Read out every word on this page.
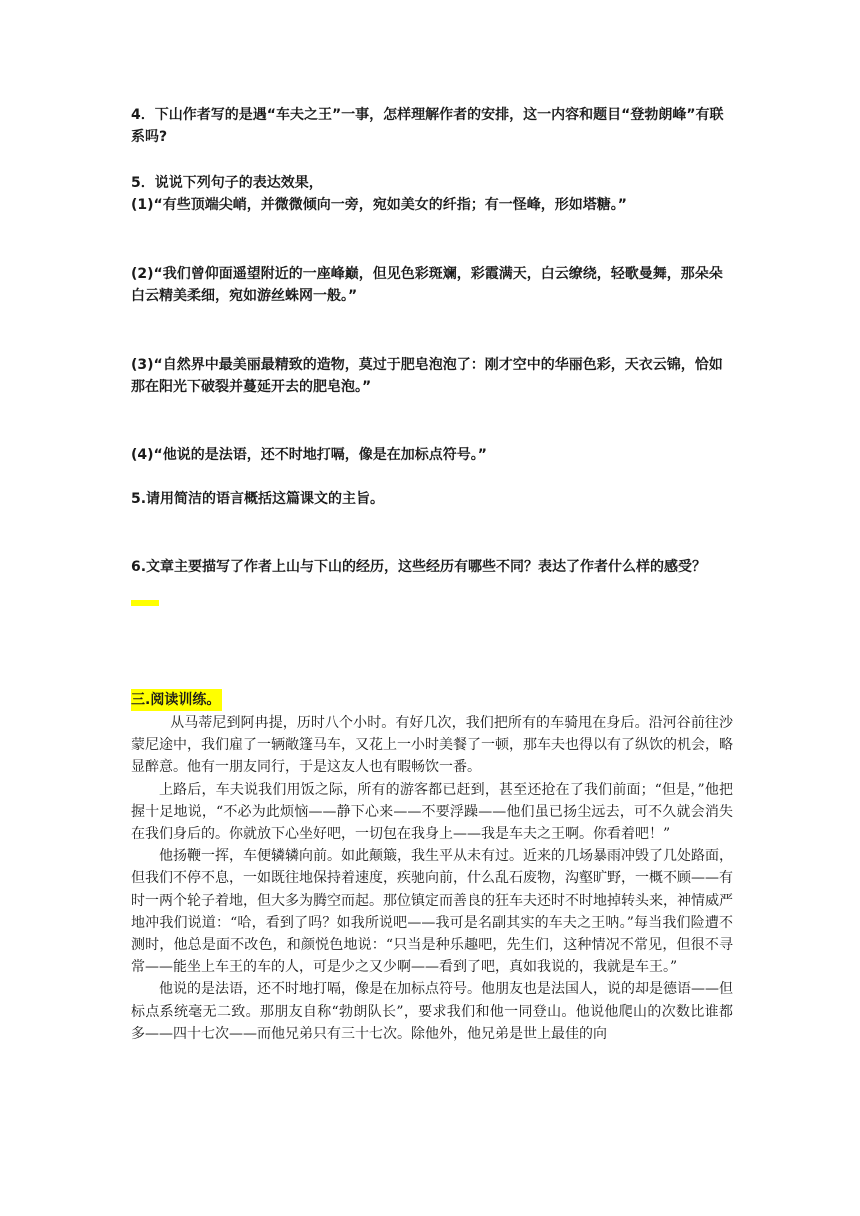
4．下山作者写的是遇“车夫之王”一事，怎样理解作者的安排，这一内容和题目“登勃朗峰”有联系吗?

5．说说下列句子的表达效果，

(1)“有些顶端尖峭，并微微倾向一旁，宛如美女的纤指；有一怪峰，形如塔糖。”

(2)“我们曾仰面遥望附近的一座峰巅，但见色彩斑斓，彩霞满天，白云缭绕，轻歌曼舞，那朵朵白云精美柔细，宛如游丝蛛网一般。”

(3)“自然界中最美丽最精致的造物，莫过于肥皂泡泡了：刚才空中的华丽色彩，天衣云锦，恰如那在阳光下破裂并蔓延开去的肥皂泡。”

(4)“他说的是法语，还不时地打嗝，像是在加标点符号。”

5.请用简洁的语言概括这篇课文的主旨。

6.文章主要描写了作者上山与下山的经历，这些经历有哪些不同？表达了作者什么样的感受？

三.阅读训练。

从马蒂尼到阿冉提，历时八个小时。有好几次，我们把所有的车骑甩在身后。沿河谷前往沙蒙尼途中，我们雇了一辆敞篷马车，又花上一小时美餐了一顿，那车夫也得以有了纵饮的机会，略显醉意。他有一朋友同行，于是这友人也有暇畅饮一番。

上路后，车夫说我们用饭之际，所有的游客都已赶到，甚至还抢在了我们前面；“但是，”他把握十足地说，“不必为此烦恼——静下心来——不要浮躁——他们虽已扬尘远去，可不久就会消失在我们身后的。你就放下心坐好吧，一切包在我身上——我是车夫之王啊。你看着吧！”

他扬鞭一挥，车便辚辚向前。如此颠簸，我生平从未有过。近来的几场暴雨冲毁了几处路面，但我们不停不息，一如既往地保持着速度，疾驰向前，什么乱石废物，沟壑旷野，一概不顾——有时一两个轮子着地，但大多为腾空而起。那位镇定而善良的狂车夫还时不时地掉转头来，神情威严地冲我们说道：“哈，看到了吗？如我所说吧——我可是名副其实的车夫之王呐。”每当我们险遭不测时，他总是面不改色，和颜悦色地说：“只当是种乐趣吧，先生们，这种情况不常见，但很不寻常——能坐上车王的车的人，可是少之又少啊——看到了吧，真如我说的，我就是车王。”

他说的是法语，还不时地打嗝，像是在加标点符号。他朋友也是法国人，说的却是德语——但标点系统毫无二致。那朋友自称“勃朗队长”，要求我们和他一同登山。他说他爬山的次数比谁都多——四十七次——而他兄弟只有三十七次。除他外，他兄弟是世上最佳的向
